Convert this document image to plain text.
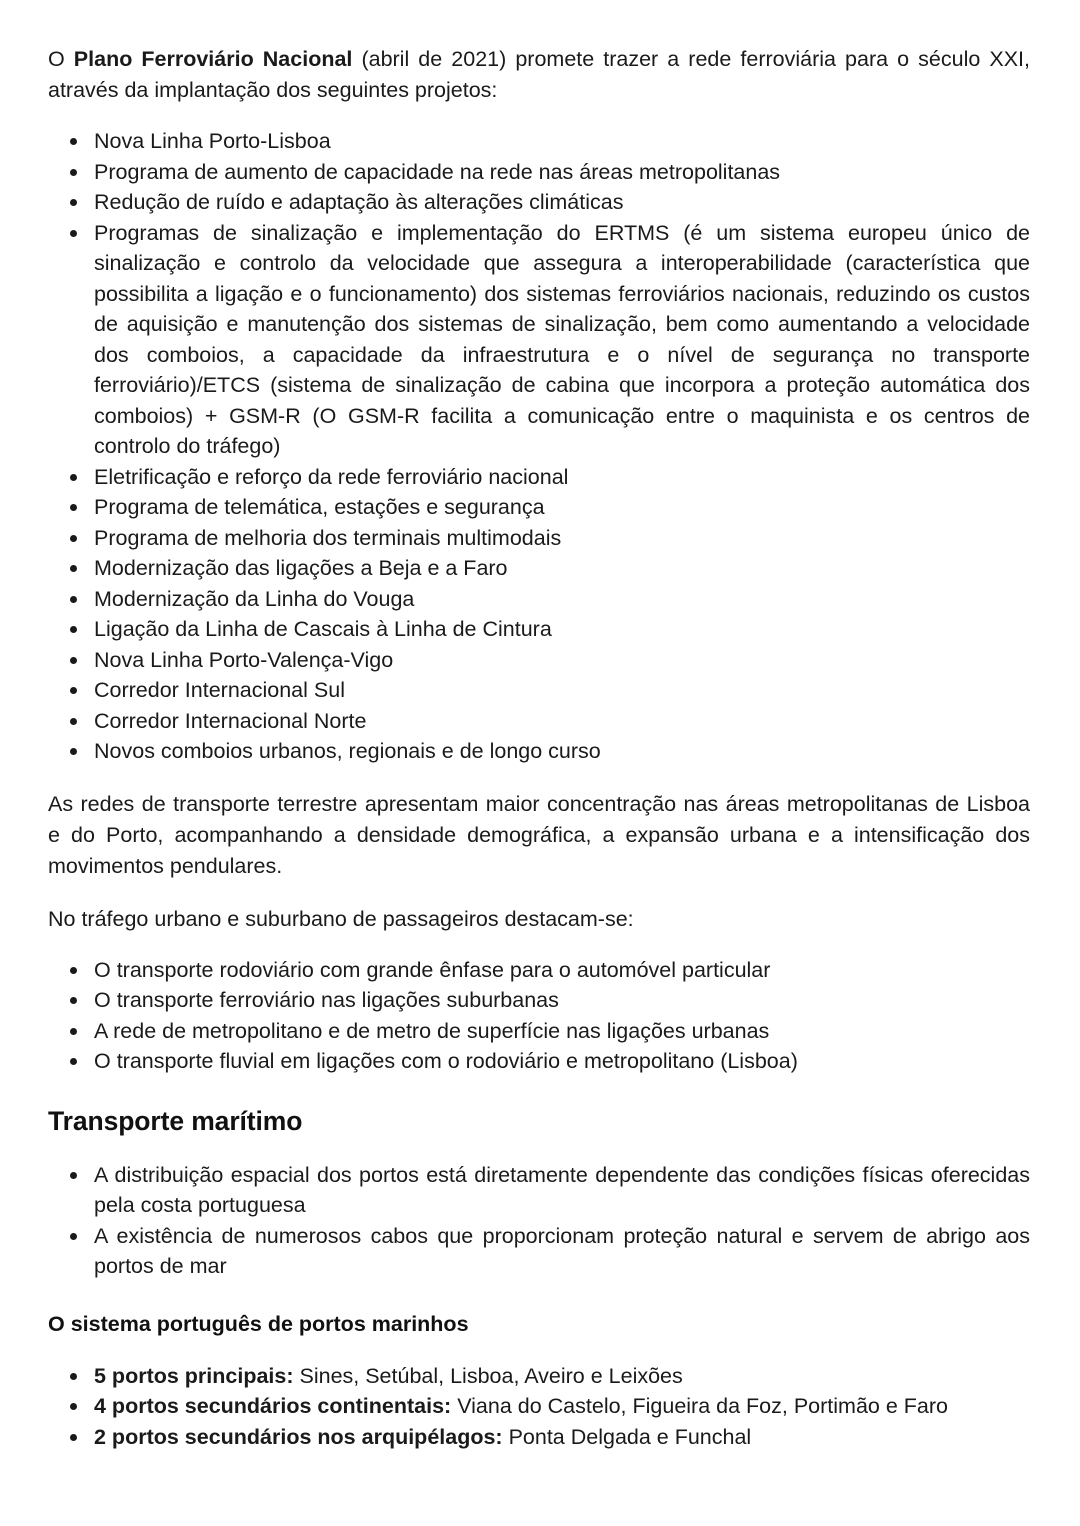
O Plano Ferroviário Nacional (abril de 2021) promete trazer a rede ferroviária para o século XXI, através da implantação dos seguintes projetos:

Nova Linha Porto-Lisboa
Programa de aumento de capacidade na rede nas áreas metropolitanas
Redução de ruído e adaptação às alterações climáticas
Programas de sinalização e implementação do ERTMS (é um sistema europeu único de sinalização e controlo da velocidade que assegura a interoperabilidade (característica que possibilita a ligação e o funcionamento) dos sistemas ferroviários nacionais, reduzindo os custos de aquisição e manutenção dos sistemas de sinalização, bem como aumentando a velocidade dos comboios, a capacidade da infraestrutura e o nível de segurança no transporte ferroviário)/ETCS (sistema de sinalização de cabina que incorpora a proteção automática dos comboios) + GSM-R (O GSM-R facilita a comunicação entre o maquinista e os centros de controlo do tráfego)
Eletrificação e reforço da rede ferroviário nacional
Programa de telemática, estações e segurança
Programa de melhoria dos terminais multimodais
Modernização das ligações a Beja e a Faro
Modernização da Linha do Vouga
Ligação da Linha de Cascais à Linha de Cintura
Nova Linha Porto-Valença-Vigo
Corredor Internacional Sul
Corredor Internacional Norte
Novos comboios urbanos, regionais e de longo curso

As redes de transporte terrestre apresentam maior concentração nas áreas metropolitanas de Lisboa e do Porto, acompanhando a densidade demográfica, a expansão urbana e a intensificação dos movimentos pendulares.

No tráfego urbano e suburbano de passageiros destacam-se:

O transporte rodoviário com grande ênfase para o automóvel particular
O transporte ferroviário nas ligações suburbanas
A rede de metropolitano e de metro de superfície nas ligações urbanas
O transporte fluvial em ligações com o rodoviário e metropolitano (Lisboa)
Transporte marítimo
A distribuição espacial dos portos está diretamente dependente das condições físicas oferecidas pela costa portuguesa
A existência de numerosos cabos que proporcionam proteção natural e servem de abrigo aos portos de mar

O sistema português de portos marinhos

5 portos principais: Sines, Setúbal, Lisboa, Aveiro e Leixões
4 portos secundários continentais: Viana do Castelo, Figueira da Foz, Portimão e Faro
2 portos secundários nos arquipélagos: Ponta Delgada e Funchal
